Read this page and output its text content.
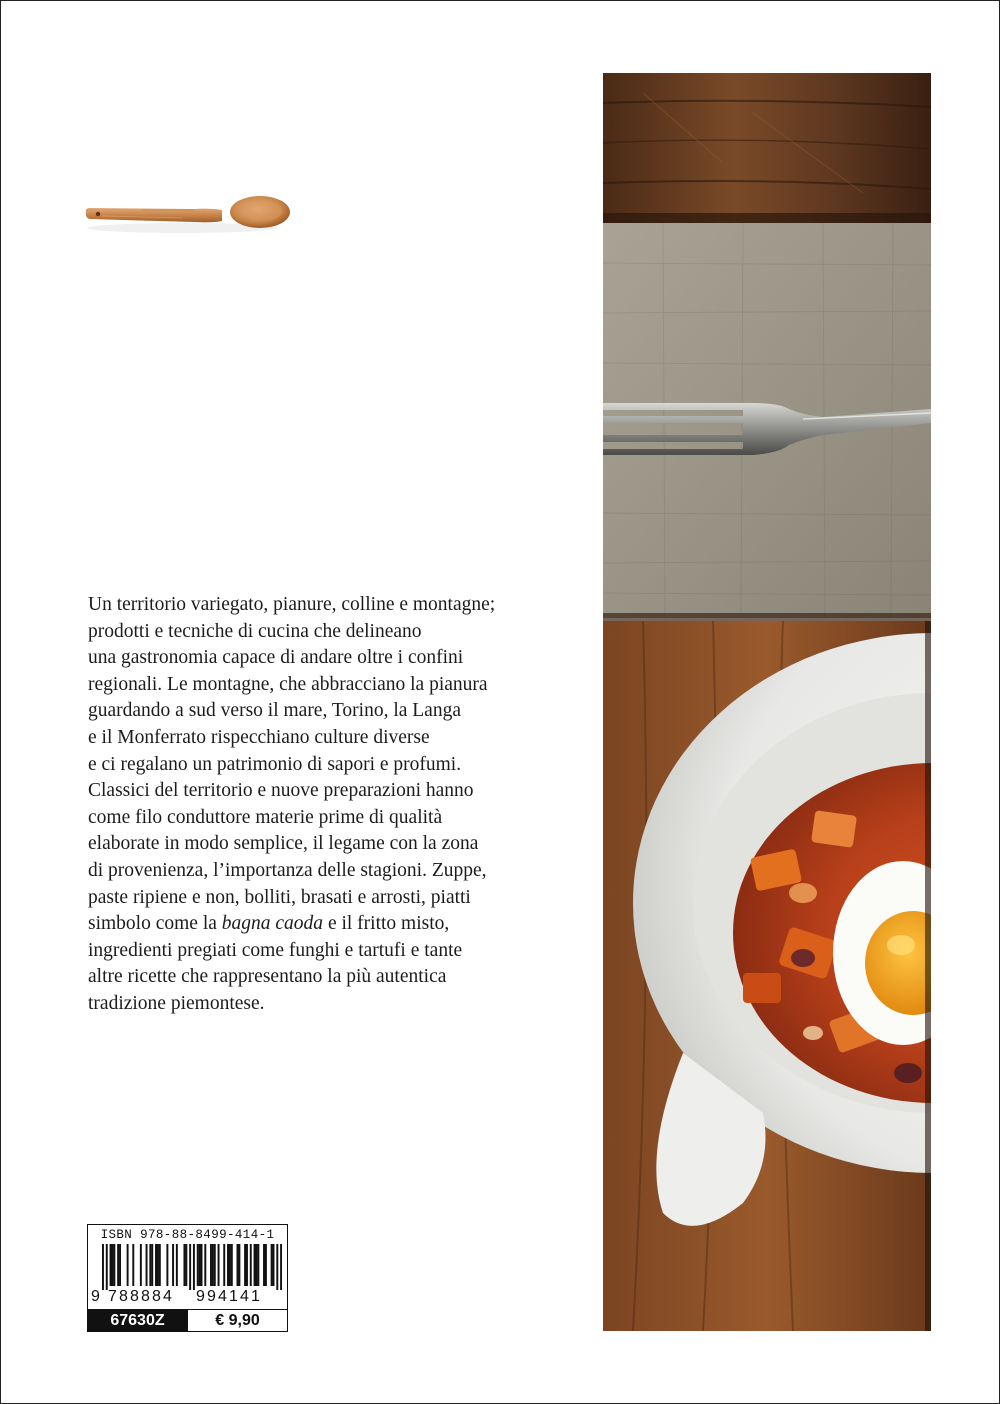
Un territorio variegato, pianure, colline e montagne;
prodotti e tecniche di cucina che delineano
una gastronomia capace di andare oltre i confini
regionali. Le montagne, che abbracciano la pianura
guardando a sud verso il mare, Torino, la Langa
e il Monferrato rispecchiano culture diverse
e ci regalano un patrimonio di sapori e profumi.
Classici del territorio e nuove preparazioni hanno
come filo conduttore materie prime di qualità
elaborate in modo semplice, il legame con la zona
di provenienza, l’importanza delle stagioni. Zuppe,
paste ripiene e non, bolliti, brasati e arrosti, piatti
simbolo come la bagna caoda e il fritto misto,
ingredienti pregiati come funghi e tartufi e tante
altre ricette che rappresentano la più autentica
tradizione piemontese.

ISBN 978-88-8499-414-1
9 788884 994141
67630Z	€ 9,90
